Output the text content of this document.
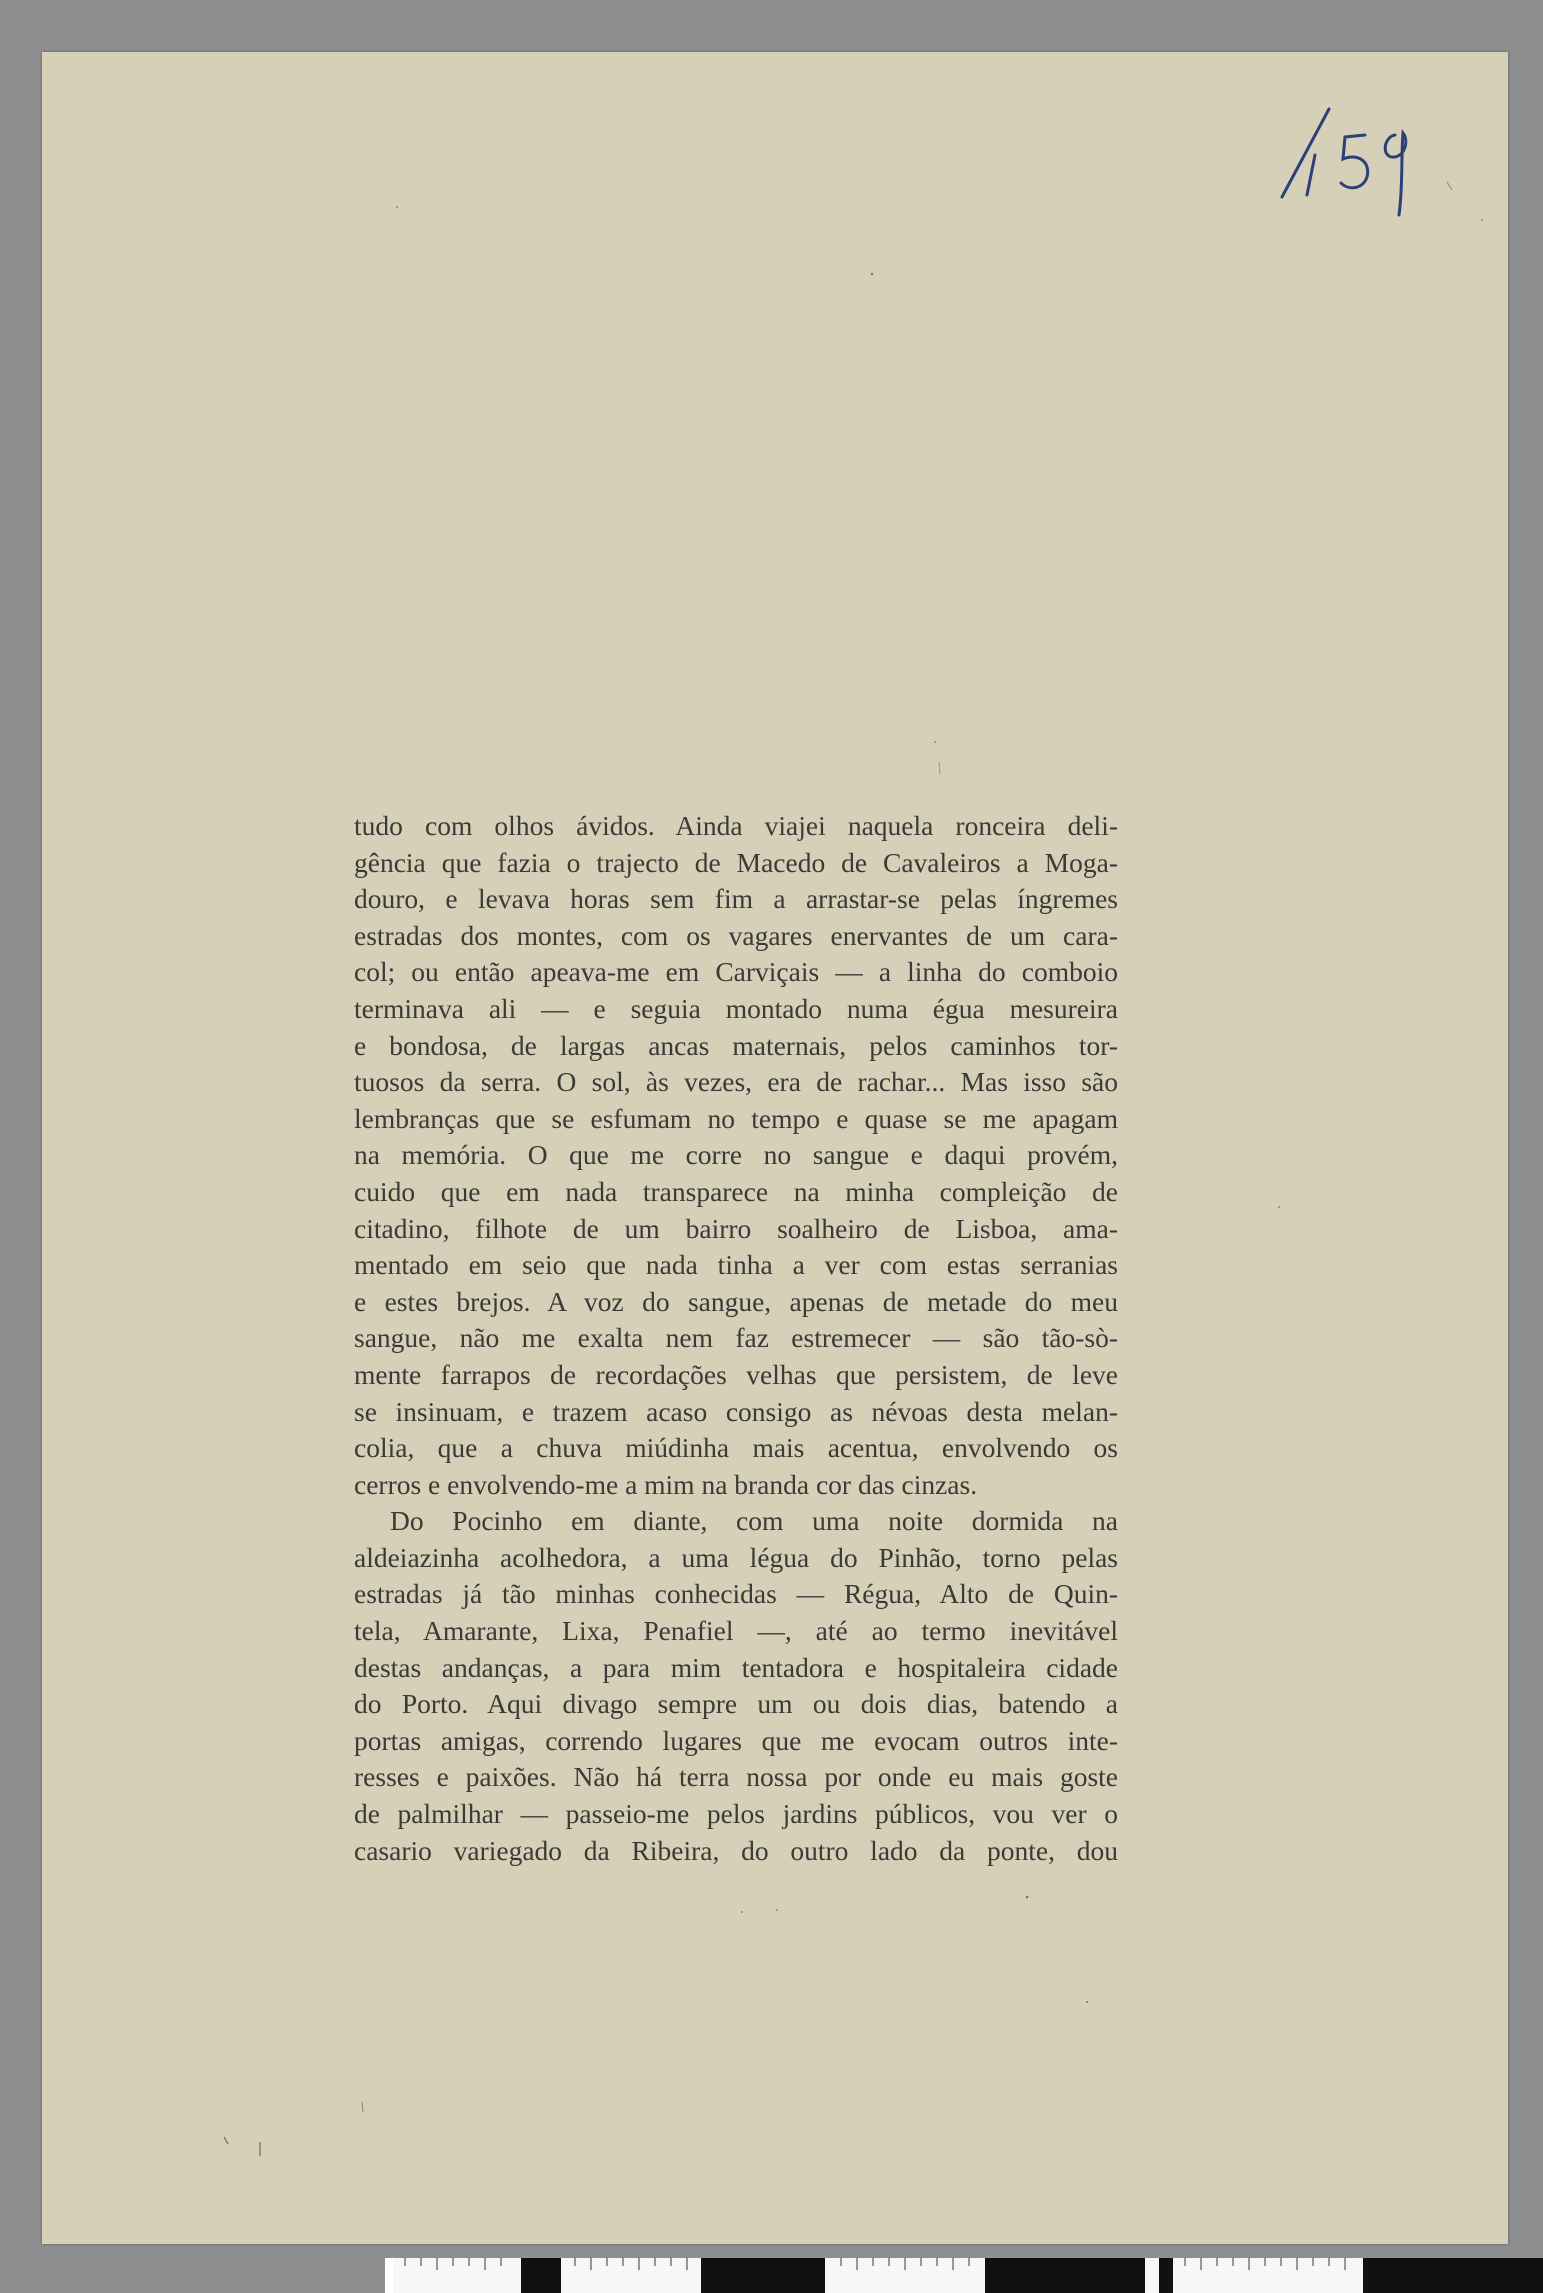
tudo com olhos ávidos. Ainda viajei naquela ronceira deli-
gência que fazia o trajecto de Macedo de Cavaleiros a Moga-
douro, e levava horas sem fim a arrastar-se pelas íngremes
estradas dos montes, com os vagares enervantes de um cara-
col; ou então apeava-me em Carviçais — a linha do comboio
terminava ali — e seguia montado numa égua mesureira
e bondosa, de largas ancas maternais, pelos caminhos tor-
tuosos da serra. O sol, às vezes, era de rachar... Mas isso são
lembranças que se esfumam no tempo e quase se me apagam
na memória. O que me corre no sangue e daqui provém,
cuido que em nada transparece na minha compleição de
citadino, filhote de um bairro soalheiro de Lisboa, ama-
mentado em seio que nada tinha a ver com estas serranias
e estes brejos. A voz do sangue, apenas de metade do meu
sangue, não me exalta nem faz estremecer — são tão-sò-
mente farrapos de recordações velhas que persistem, de leve
se insinuam, e trazem acaso consigo as névoas desta melan-
colia, que a chuva miúdinha mais acentua, envolvendo os
cerros e envolvendo-me a mim na branda cor das cinzas.
Do Pocinho em diante, com uma noite dormida na
aldeiazinha acolhedora, a uma légua do Pinhão, torno pelas
estradas já tão minhas conhecidas — Régua, Alto de Quin-
tela, Amarante, Lixa, Penafiel —, até ao termo inevitável
destas andanças, a para mim tentadora e hospitaleira cidade
do Porto. Aqui divago sempre um ou dois dias, batendo a
portas amigas, correndo lugares que me evocam outros inte-
resses e paixões. Não há terra nossa por onde eu mais goste
de palmilhar — passeio-me pelos jardins públicos, vou ver o
casario variegado da Ribeira, do outro lado da ponte, dou
